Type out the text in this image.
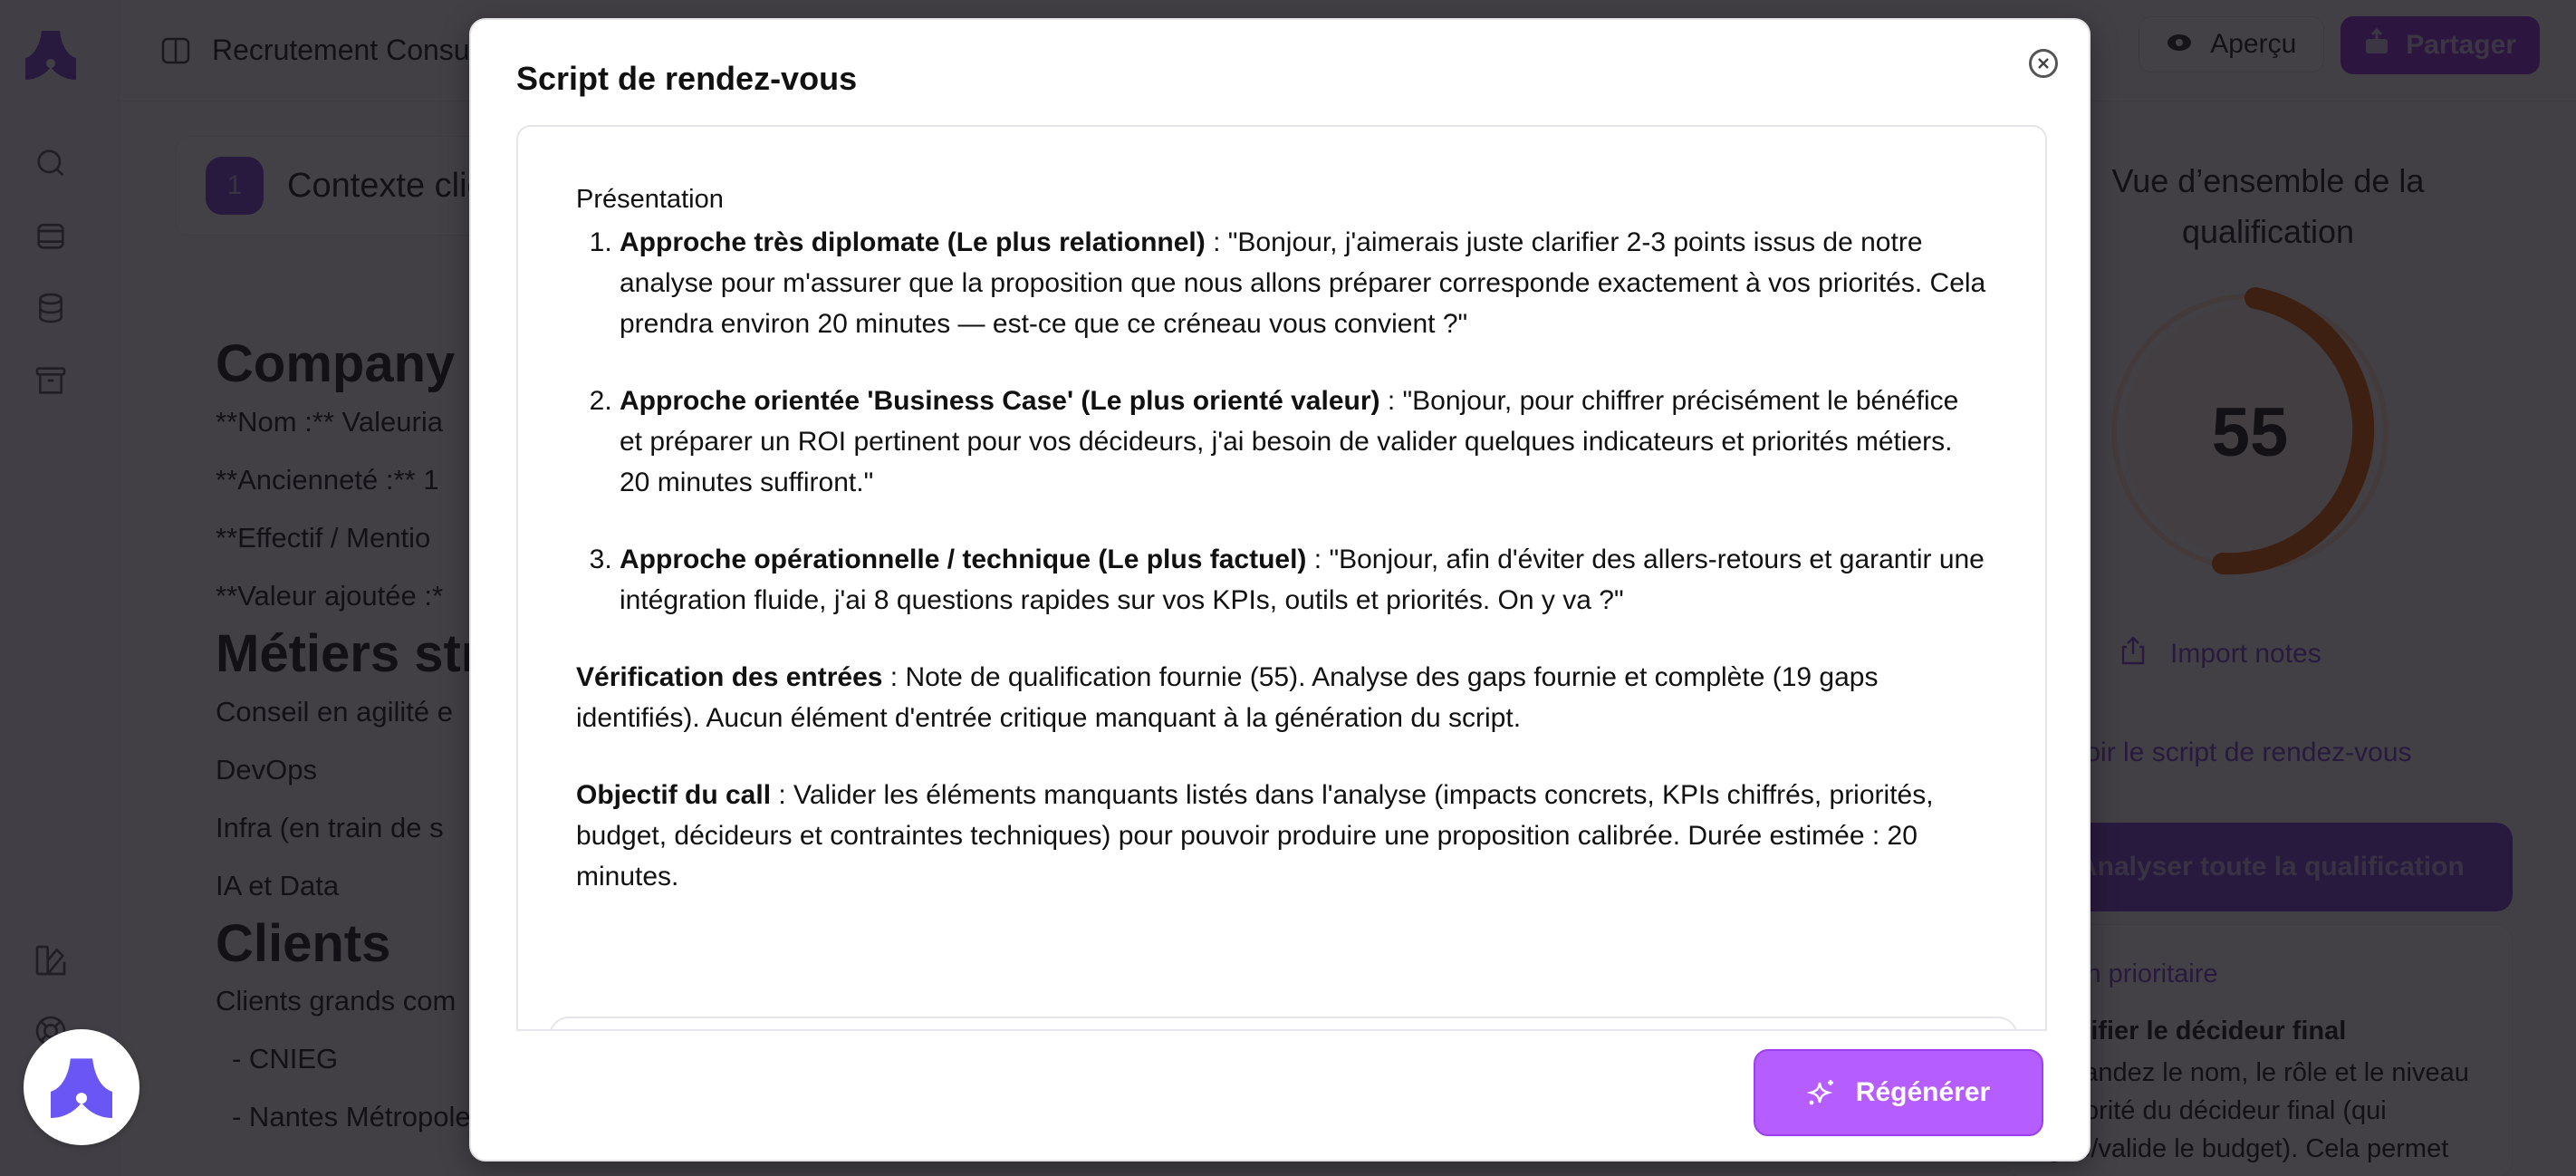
Script de rendez-vous
Présentation
1. Approche très diplomate (Le plus relationnel) : "Bonjour, j'aimerais juste clarifier 2-3 points issus de notre analyse pour m'assurer que la proposition que nous allons préparer corresponde exactement à vos priorités. Cela prendra environ 20 minutes — est-ce que ce créneau vous convient ?"
2. Approche orientée 'Business Case' (Le plus orienté valeur) : "Bonjour, pour chiffrer précisément le bénéfice et préparer un ROI pertinent pour vos décideurs, j'ai besoin de valider quelques indicateurs et priorités métiers. 20 minutes suffiront."
3. Approche opérationnelle / technique (Le plus factuel) : "Bonjour, afin d'éviter des allers-retours et garantir une intégration fluide, j'ai 8 questions rapides sur vos KPIs, outils et priorités. On y va ?"

Vérification des entrées : Note de qualification fournie (55). Analyse des gaps fournie et complète (19 gaps identifiés). Aucun élément d'entrée critique manquant à la génération du script.

Objectif du call : Valider les éléments manquants listés dans l'analyse (impacts concrets, KPIs chiffrés, priorités, budget, décideurs et contraintes techniques) pour pouvoir produire une proposition calibrée. Durée estimée : 20 minutes.

Régénérer
